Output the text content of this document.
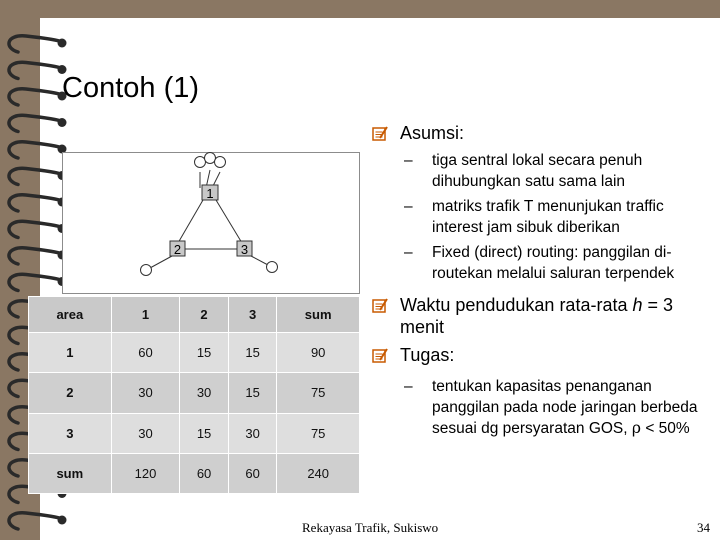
Contoh (1)
1
2	3
area	1	2	3	sum
1	60	15	15	90
2	30	30	15	75
3	30	15	30	75
sum	120	60	60	240
Asumsi:
– tiga sentral lokal secara penuh dihubungkan satu sama lain
– matriks trafik T menunjukan traffic interest jam sibuk diberikan
– Fixed (direct) routing: panggilan di-routekan melalui saluran terpendek
Waktu pendudukan rata-rata h = 3 menit
Tugas:
– tentukan kapasitas penanganan panggilan pada node jaringan berbeda sesuai dg persyaratan GOS, ρ < 50%
Rekayasa Trafik, Sukiswo	34
